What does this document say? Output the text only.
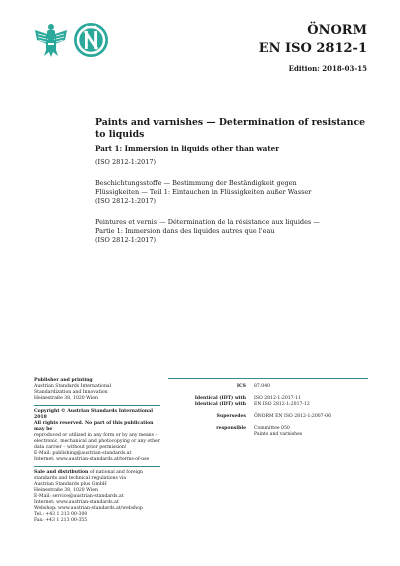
ÖNORM
EN ISO 2812-1
Edition: 2018-03-15
Paints and varnishes — Determination of resistance to liquids
Part 1: Immersion in liquids other than water
(ISO 2812-1:2017)
Beschichtungsstoffe — Bestimmung der Beständigkeit gegen
Flüssigkeiten — Teil 1: Eintauchen in Flüssigkeiten außer Wasser
(ISO 2812-1:2017)
Peintures et vernis — Détermination de la résistance aux liquides —
Partie 1: Immersion dans des liquides autres que l'eau
(ISO 2812-1:2017)
Publisher and printing
Austrian Standards International
Standardization and Innovation
Heinestraße 38, 1020 Wien
Copyright © Austrian Standards International 2018
All rights reserved. No part of this publication may be
reproduced or utilized in any form or by any means –
electronic, mechanical and photocopying or any other
data carrier – without prior permission!
E-Mail: publishing@austrian-standards.at
Internet: www.austrian-standards.at/terms-of-use
Sale and distribution of national and foreign
standards and technical regulations via
Austrian Standards plus GmbH
Heinestraße 38, 1020 Wien
E-Mail: service@austrian-standards.at
Internet: www.austrian-standards.at
Webshop: www.austrian-standards.at/webshop
Tel.: +43 1 213 00-300
Fax: +43 1 213 00-355
ICS	87.040
Identical (IDT) with	ISO 2812-1:2017-11
Identical (IDT) with	EN ISO 2812-1:2017-12
Supersedes	ÖNORM EN ISO 2812-1:2007-06
responsible	Committee 050
Paints and varnishes
